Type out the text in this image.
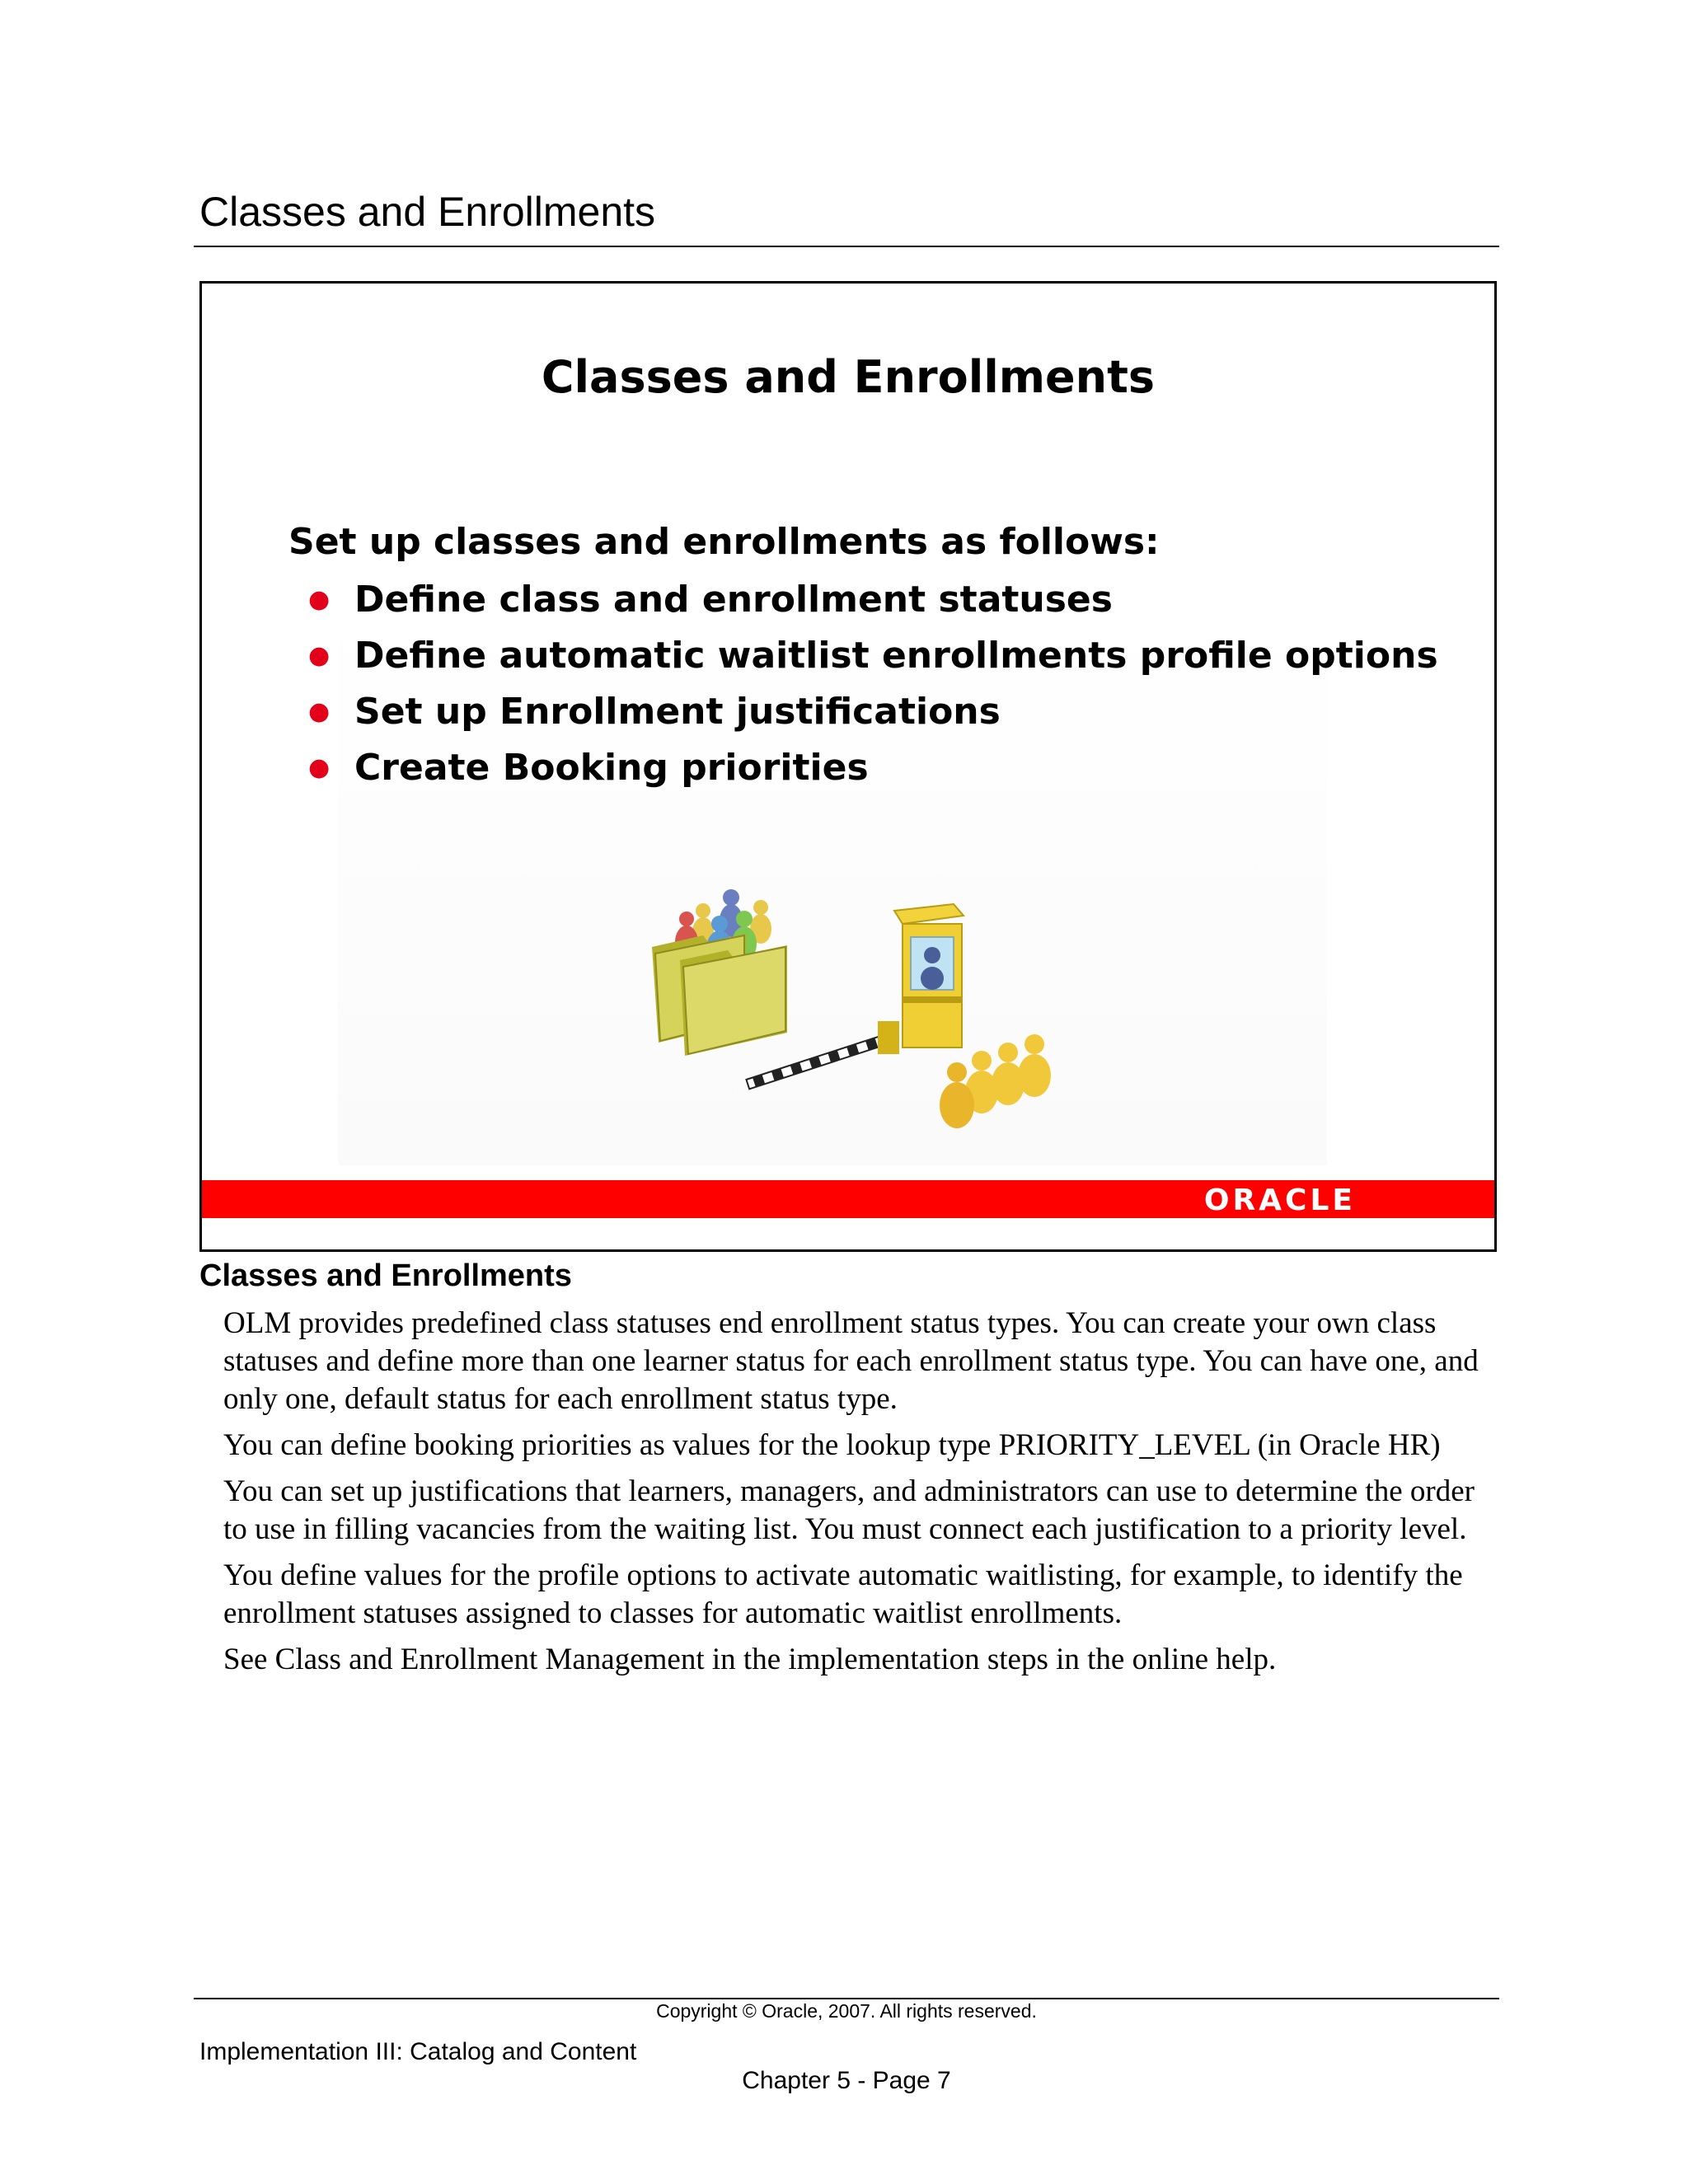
Classes and Enrollments
Classes and Enrollments
Set up classes and enrollments as follows:
● Define class and enrollment statuses
● Define automatic waitlist enrollments profile options
● Set up Enrollment justifications
● Create Booking priorities
ORACLE
Classes and Enrollments

OLM provides predefined class statuses end enrollment status types. You can create your own class statuses and define more than one learner status for each enrollment status type. You can have one, and only one, default status for each enrollment status type.

You can define booking priorities as values for the lookup type PRIORITY_LEVEL (in Oracle HR)

You can set up justifications that learners, managers, and administrators can use to determine the order to use in filling vacancies from the waiting list. You must connect each justification to a priority level.

You define values for the profile options to activate automatic waitlisting, for example, to identify the enrollment statuses assigned to classes for automatic waitlist enrollments.

See Class and Enrollment Management in the implementation steps in the online help.

Copyright © Oracle, 2007. All rights reserved.
Implementation III: Catalog and Content
Chapter 5 - Page 7
